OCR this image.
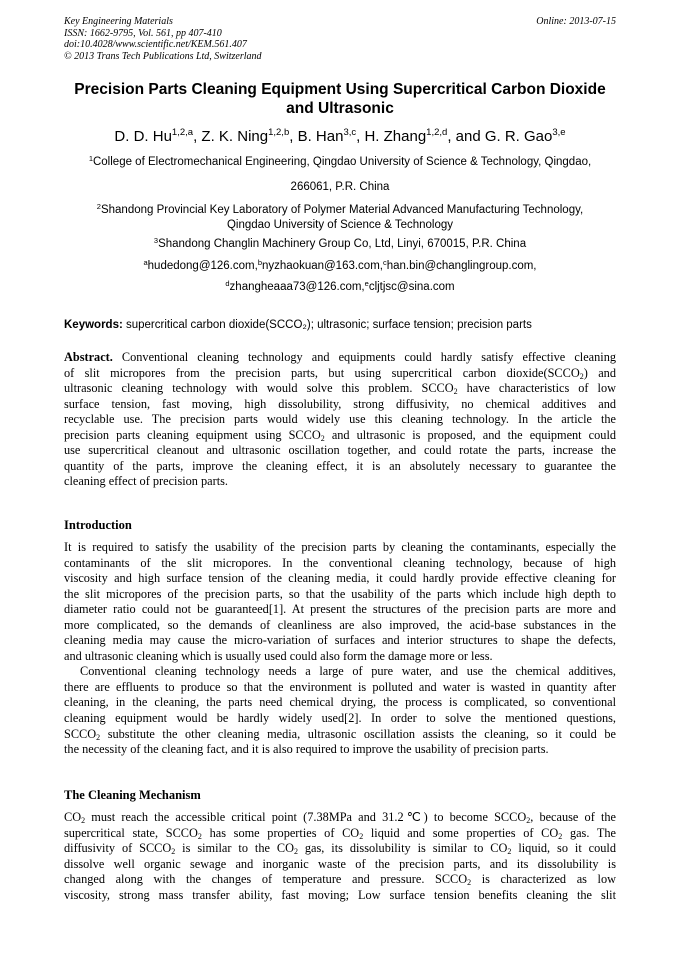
Key Engineering Materials
ISSN: 1662-9795, Vol. 561, pp 407-410
doi:10.4028/www.scientific.net/KEM.561.407
© 2013 Trans Tech Publications Ltd, Switzerland
Online: 2013-07-15
Precision Parts Cleaning Equipment Using Supercritical Carbon Dioxide
and Ultrasonic
D. D. Hu$^{1,2,a}$, Z. K. Ning$^{1,2,b}$, B. Han$^{3,c}$, H. Zhang$^{1,2,d}$, and G. R. Gao$^{3,e}$
$^1$College of Electromechanical Engineering, Qingdao University of Science & Technology, Qingdao,
266061, P.R. China
$^2$Shandong Provincial Key Laboratory of Polymer Material Advanced Manufacturing Technology,
Qingdao University of Science & Technology
$^3$Shandong Changlin Machinery Group Co, Ltd, Linyi, 670015, P.R. China
$^a$hudedong@126.com,$^b$nyzhaokuan@163.com,$^c$han.bin@changlingroup.com,
$^d$zhangheaaa73@126.com,$^e$cljtjsc@sina.com
Keywords: supercritical carbon dioxide(SCCO₂); ultrasonic; surface tension; precision parts
Abstract. Conventional cleaning technology and equipments could hardly satisfy effective cleaning
of slit micropores from the precision parts, but using supercritical carbon $dioxide(SCCO_2)$ and
ultrasonic cleaning technology with would solve this problem. $SCCO_2$ have characteristics of low
surface tension, fast moving, high dissolubility, strong diffusivity, no chemical additives and
recyclable use. The precision parts would widely use this cleaning technology. In the article the
precision parts cleaning equipment using $SCCO_2$ and ultrasonic is proposed, and the equipment could
use supercritical cleanout and ultrasonic oscillation together, and could rotate the parts, increase the
quantity of the parts, improve the cleaning effect, it is an absolutely necessary to guarantee the
cleaning effect of precision parts.
Introduction
It is required to satisfy the usability of the precision parts by cleaning the contaminants, especially the
contaminants of the slit micropores. In the conventional cleaning technology, because of high
viscosity and high surface tension of the cleaning media, it could hardly provide effective cleaning for
the slit micropores of the precision parts, so that the usability of the parts which include high depth to
diameter ratio could not be guaranteed[1]. At present the structures of the precision parts are more and
more complicated, so the demands of cleanliness are also improved, the acid-base substances in the
cleaning media may cause the micro-variation of surfaces and interior structures to shape the defects,
and ultrasonic cleaning which is usually used could also form the damage more or less.
Conventional cleaning technology needs a large of pure water, and use the chemical additives,
there are effluents to produce so that the environment is polluted and water is wasted in quantity after
cleaning, in the cleaning, the parts need chemical drying, the process is complicated, so conventional
cleaning equipment would be hardly widely used[2]. In order to solve the mentioned questions,
$SCCO_2$ substitute the other cleaning media, ultrasonic oscillation assists the cleaning, so it could be
the necessity of the cleaning fact, and it is also required to improve the usability of precision parts.
The Cleaning Mechanism
$CO_2$ must reach the accessible critical point (7.38MPa and 31.2℃) to become $SCCO_2$, because of the
supercritical state, $SCCO_2$ has some properties of $CO_2$ liquid and some properties of $CO_2$ gas. The
diffusivity of $SCCO_2$ is similar to the $CO_2$ gas, its dissolubility is similar to $CO_2$ liquid, so it could
dissolve well organic sewage and inorganic waste of the precision parts, and its dissolubility is
changed along with the changes of temperature and pressure. $SCCO_2$ is characterized as low
viscosity, strong mass transfer ability, fast moving; Low surface tension benefits cleaning the slit
